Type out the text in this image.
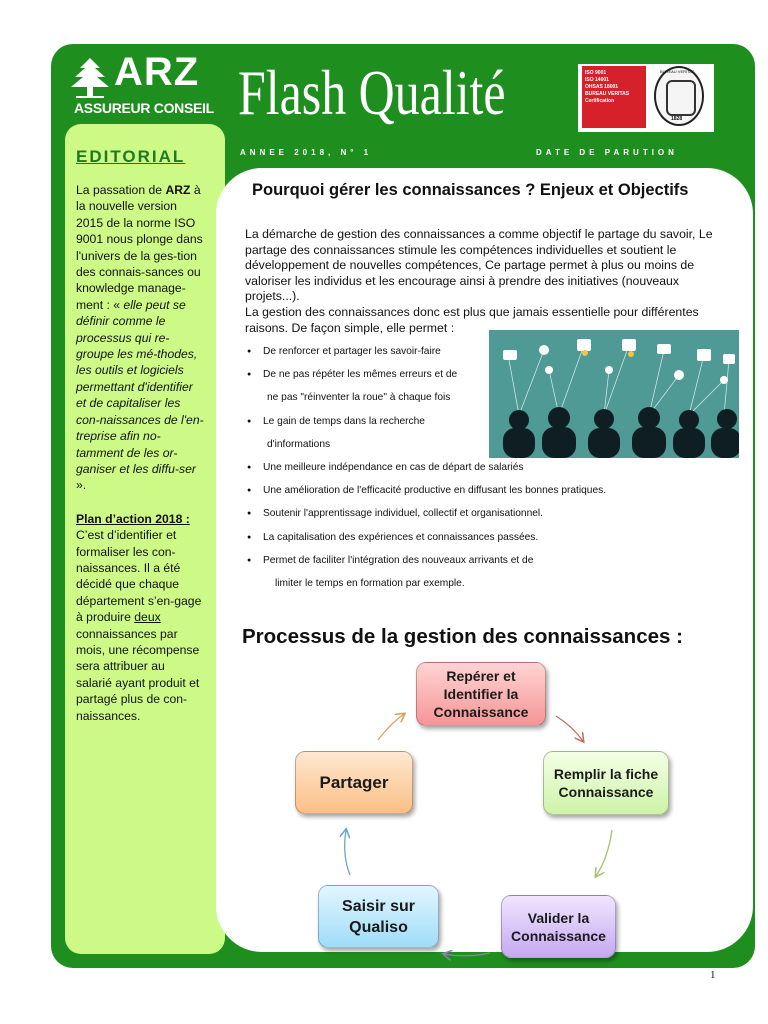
ARZ
ASSUREUR CONSEIL Flash Qualité	ISO 9001
ISO 14001
OHSAS 18001
BUREAU VERITAS
Certification
BUREAU VERITAS
1828
ANNEE 2018, N° 1	DATE DE PARUTION
EDITORIAL

La passation de ARZ à la nouvelle version 2015 de la norme ISO 9001 nous plonge dans l'univers de la ges-tion des connais-sances ou knowledge manage-ment : « elle peut se définir comme le processus qui re-groupe les mé-thodes, les outils et logiciels permettant d'identifier et de capitaliser les con-naissances de l'en-treprise afin no-tamment de les or-ganiser et les diffu-ser ».

Plan d’action 2018 : C’est d’identifier et formaliser les con-naissances. Il a été décidé que chaque département s’en-gage à produire deux connaissances par mois, une récompense sera attribuer au salarié ayant produit et partagé plus de con-naissances.

Pourquoi gérer les connaissances ? Enjeux et Objectifs

La démarche de gestion des connaissances a comme objectif le partage du savoir, Le partage des connaissances stimule les compétences individuelles et soutient le développement de nouvelles compétences, Ce partage permet à plus ou moins de valoriser les individus et les encourage ainsi à prendre des initiatives (nouveaux projets...).

La gestion des connaissances donc est plus que jamais essentielle pour différentes raisons. De façon simple, elle permet :

● De renforcer et partager les savoir-faire
● De ne pas répéter les mêmes erreurs et de
ne pas "réinventer la roue" à chaque fois
● Le gain de temps dans la recherche
d'informations
● Une meilleure indépendance en cas de départ de salariés
● Une amélioration de l'efficacité productive en diffusant les bonnes pratiques.
● Soutenir l'apprentissage individuel, collectif et organisationnel.
● La capitalisation des expériences et connaissances passées.
● Permet de faciliter l'intégration des nouveaux arrivants et de
limiter le temps en formation par exemple.
Processus de la gestion des connaissances :
Repérer et Identifier la Connaissance
Remplir la fiche Connaissance
Valider la Connaissance
Saisir sur Qualiso
Partager
1
